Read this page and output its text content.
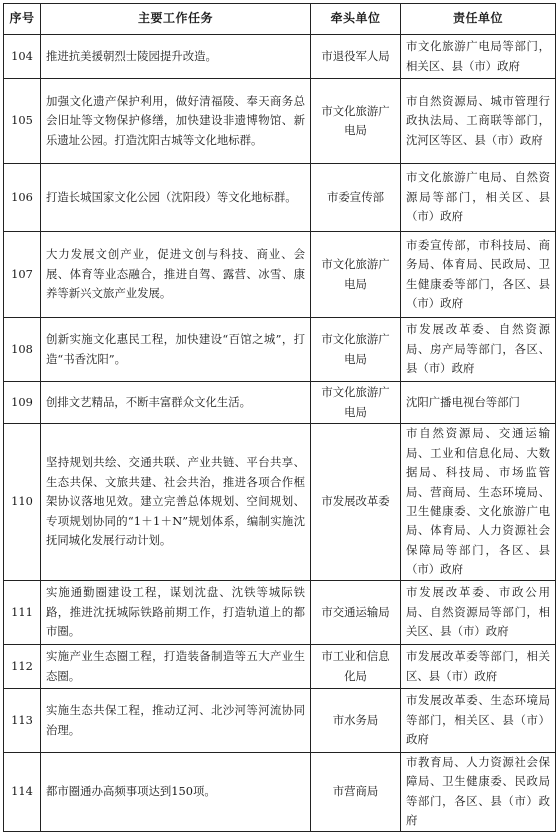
序号	主要工作任务	牵头单位	责任单位
104	推进抗美援朝烈士陵园提升改造。	市退役军人局	市文化旅游广电局等部门，相关区、县（市）政府
105	加强文化遗产保护利用，做好清福陵、奉天商务总会旧址等文物保护修缮，加快建设非遗博物馆、新乐遗址公园。打造沈阳古城等文化地标群。	市文化旅游广电局	市自然资源局、城市管理行政执法局、工商联等部门，沈河区等区、县（市）政府
106	打造长城国家文化公园（沈阳段）等文化地标群。	市委宣传部	市文化旅游广电局、自然资源局等部门，相关区、县（市）政府
107	大力发展文创产业，促进文创与科技、商业、会展、体育等业态融合，推进自驾、露营、冰雪、康养等新兴文旅产业发展。	市文化旅游广电局	市委宣传部，市科技局、商务局、体育局、民政局、卫生健康委等部门，各区、县（市）政府
108	创新实施文化惠民工程，加快建设“百馆之城”，打造“书香沈阳”。	市文化旅游广电局	市发展改革委、自然资源局、房产局等部门，各区、县（市）政府
109	创排文艺精品，不断丰富群众文化生活。	市文化旅游广电局	沈阳广播电视台等部门
110	坚持规划共绘、交通共联、产业共链、平台共享、生态共保、文旅共建、社会共治，推进各项合作框架协议落地见效。建立完善总体规划、空间规划、专项规划协同的“1＋1＋N”规划体系，编制实施沈抚同城化发展行动计划。	市发展改革委	市自然资源局、交通运输局、工业和信息化局、大数据局、科技局、市场监管局、营商局、生态环境局、卫生健康委、文化旅游广电局、体育局、人力资源社会保障局等部门，各区、县（市）政府
111	实施通勤圈建设工程，谋划沈盘、沈铁等城际铁路，推进沈抚城际铁路前期工作，打造轨道上的都市圈。	市交通运输局	市发展改革委、市政公用局、自然资源局等部门，相关区、县（市）政府
112	实施产业生态圈工程，打造装备制造等五大产业生态圈。	市工业和信息化局	市发展改革委等部门，相关区、县（市）政府
113	实施生态共保工程，推动辽河、北沙河等河流协同治理。	市水务局	市发展改革委、生态环境局等部门，相关区、县（市）政府
114	都市圈通办高频事项达到150项。	市营商局	市教育局、人力资源社会保障局、卫生健康委、民政局等部门，各区、县（市）政府
